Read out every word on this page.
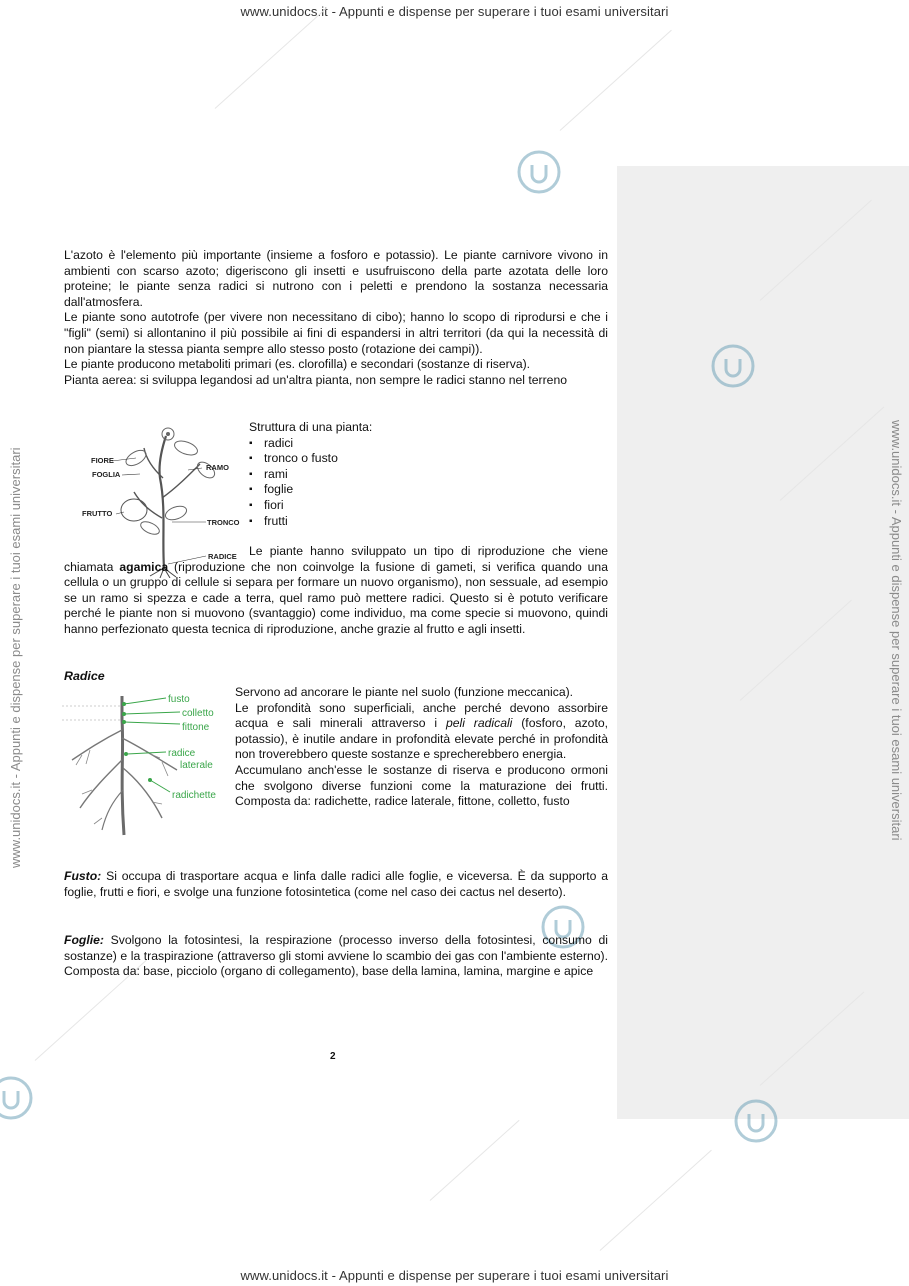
www.unidocs.it - Appunti e dispense per superare i tuoi esami universitari
www.unidocs.it - Appunti e dispense per superare i tuoi esami universitari
www.unidocs.it - Appunti e dispense per superare i tuoi esami universitari
www.unidocs.it - Appunti e dispense per superare i tuoi esami universitari

L'azoto è l'elemento più importante (insieme a fosforo e potassio). Le piante carnivore vivono in ambienti con scarso azoto; digeriscono gli insetti e usufruiscono della parte azotata delle loro proteine; le piante senza radici si nutrono con i peletti e prendono la sostanza necessaria dall'atmosfera.

Le piante sono autotrofe (per vivere non necessitano di cibo); hanno lo scopo di riprodursi e che i "figli" (semi) si allontanino il più possibile ai fini di espandersi in altri territori (da qui la necessità di non piantare la stessa pianta sempre allo stesso posto (rotazione dei campi)).

Le piante producono metaboliti primari (es. clorofilla) e secondari (sostanze di riserva).

Pianta aerea: si sviluppa legandosi ad un'altra pianta, non sempre le radici stanno nel terreno

FIORE
FOGLIA
FRUTTO
RAMO
TRONCO
RADICE
Struttura di una pianta:
▪ radici
▪ tronco o fusto
▪ rami
▪ foglie
▪ fiori
▪ frutti

Le piante hanno sviluppato un tipo di riproduzione che viene chiamata agamica (riproduzione che non coinvolge la fusione di gameti, si verifica quando una cellula o un gruppo di cellule si separa per formare un nuovo organismo), non sessuale, ad esempio se un ramo si spezza e cade a terra, quel ramo può mettere radici. Questo si è potuto verificare perché le piante non si muovono (svantaggio) come individuo, ma come specie si muovono, quindi hanno perfezionato questa tecnica di riproduzione, anche grazie al frutto e agli insetti.

Radice
fusto
colletto
fittone
radice
laterale
radichette

Servono ad ancorare le piante nel suolo (funzione meccanica).

Le profondità sono superficiali, anche perché devono assorbire acqua e sali minerali attraverso i peli radicali (fosforo, azoto, potassio), è inutile andare in profondità elevate perché in profondità non troverebbero queste sostanze e sprecherebbero energia.

Accumulano anch'esse le sostanze di riserva e producono ormoni che svolgono diverse funzioni come la maturazione dei frutti. Composta da: radichette, radice laterale, fittone, colletto, fusto

Fusto: Si occupa di trasportare acqua e linfa dalle radici alle foglie, e viceversa. È da supporto a foglie, frutti e fiori, e svolge una funzione fotosintetica (come nel caso dei cactus nel deserto).

Foglie: Svolgono la fotosintesi, la respirazione (processo inverso della fotosintesi, consumo di sostanze) e la traspirazione (attraverso gli stomi avviene lo scambio dei gas con l'ambiente esterno). Composta da: base, picciolo (organo di collegamento), base della lamina, lamina, margine e apice

2
